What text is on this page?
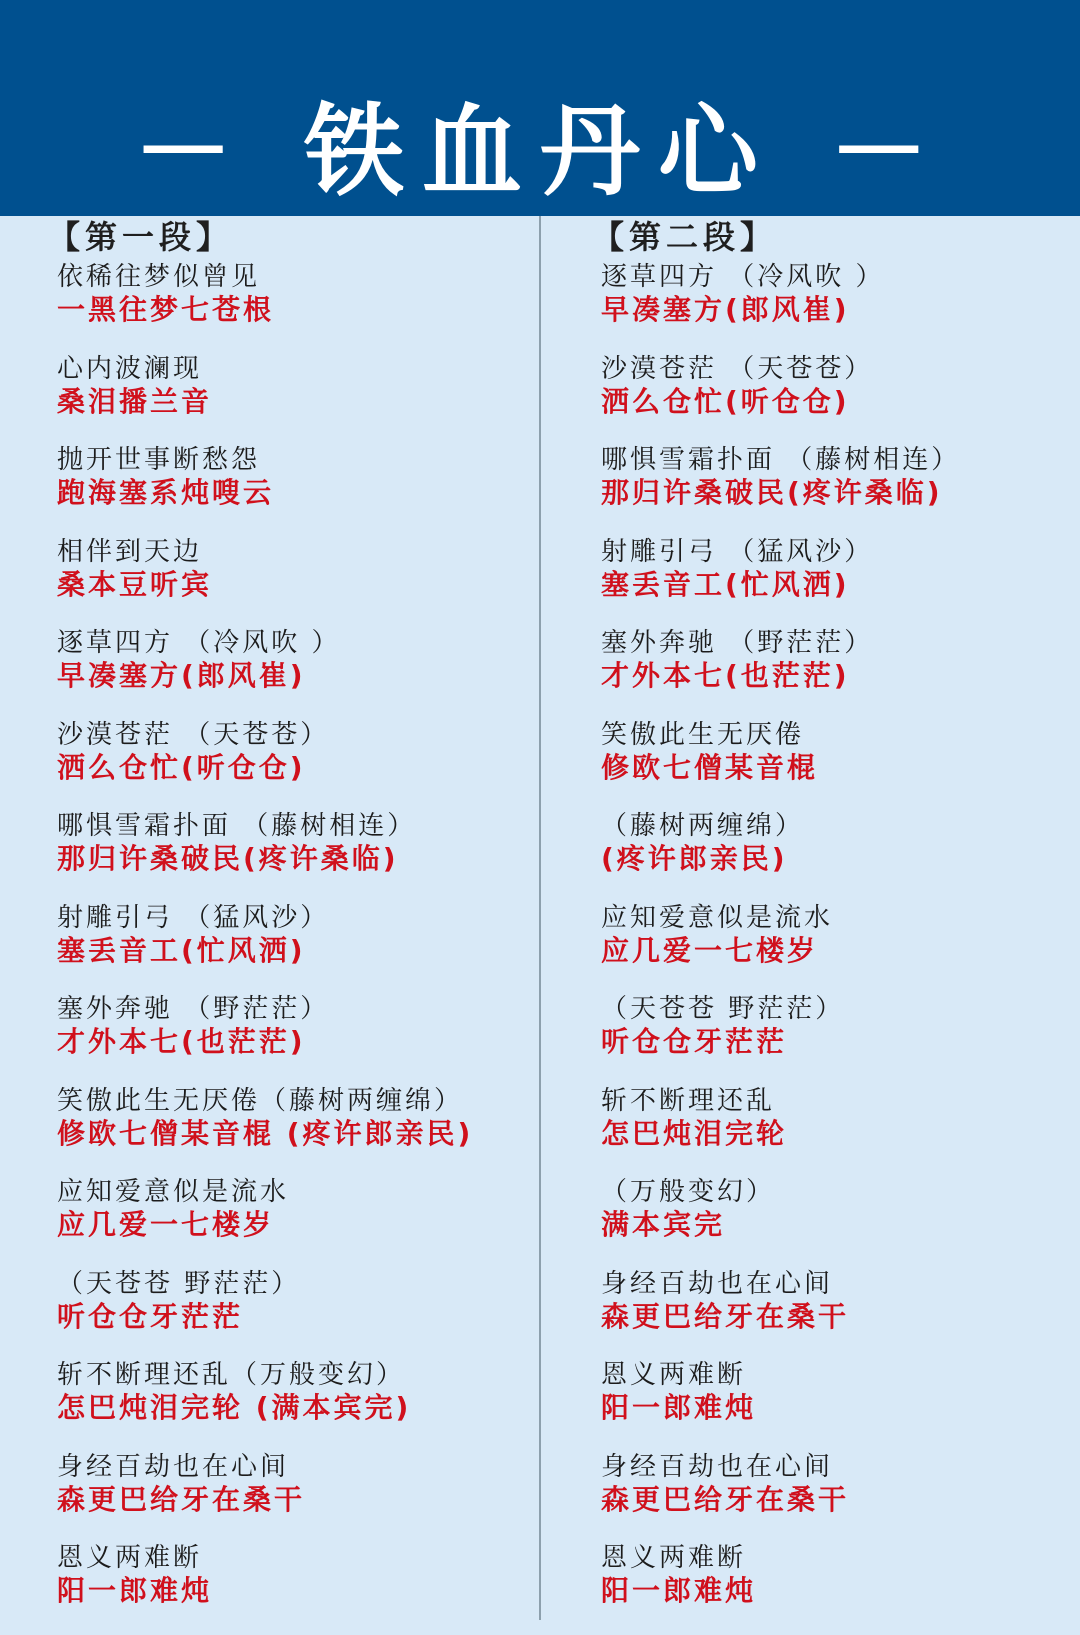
－ 铁血丹心 －
【第一段】
依稀往梦似曾见
一黑往梦七苍根
心内波澜现
桑泪播兰音
抛开世事断愁怨
跑海塞系炖嗖云
相伴到天边
桑本豆听宾
逐草四方 （冷风吹 ）
早凑塞方(郎风崔)
沙漠苍茫 （天苍苍）
洒么仓忙(听仓仓)
哪惧雪霜扑面 （藤树相连）
那归许桑破民(疼许桑临)
射雕引弓 （猛风沙）
塞丢音工(忙风洒)
塞外奔驰 （野茫茫）
才外本七(也茫茫)
笑傲此生无厌倦（藤树两缠绵）
修欧七僧某音棍 (疼许郎亲民)
应知爱意似是流水
应几爱一七楼岁
（天苍苍 野茫茫）
听仓仓牙茫茫
斩不断理还乱（万般变幻）
怎巴炖泪完轮 (满本宾完)
身经百劫也在心间
森更巴给牙在桑干
恩义两难断
阳一郎难炖
【第二段】
逐草四方 （冷风吹 ）
早凑塞方(郎风崔)
沙漠苍茫 （天苍苍）
洒么仓忙(听仓仓)
哪惧雪霜扑面 （藤树相连）
那归许桑破民(疼许桑临)
射雕引弓 （猛风沙）
塞丢音工(忙风洒)
塞外奔驰 （野茫茫）
才外本七(也茫茫)
笑傲此生无厌倦
修欧七僧某音棍
（藤树两缠绵）
(疼许郎亲民)
应知爱意似是流水
应几爱一七楼岁
（天苍苍 野茫茫）
听仓仓牙茫茫
斩不断理还乱
怎巴炖泪完轮
（万般变幻）
满本宾完
身经百劫也在心间
森更巴给牙在桑干
恩义两难断
阳一郎难炖
身经百劫也在心间
森更巴给牙在桑干
恩义两难断
阳一郎难炖
